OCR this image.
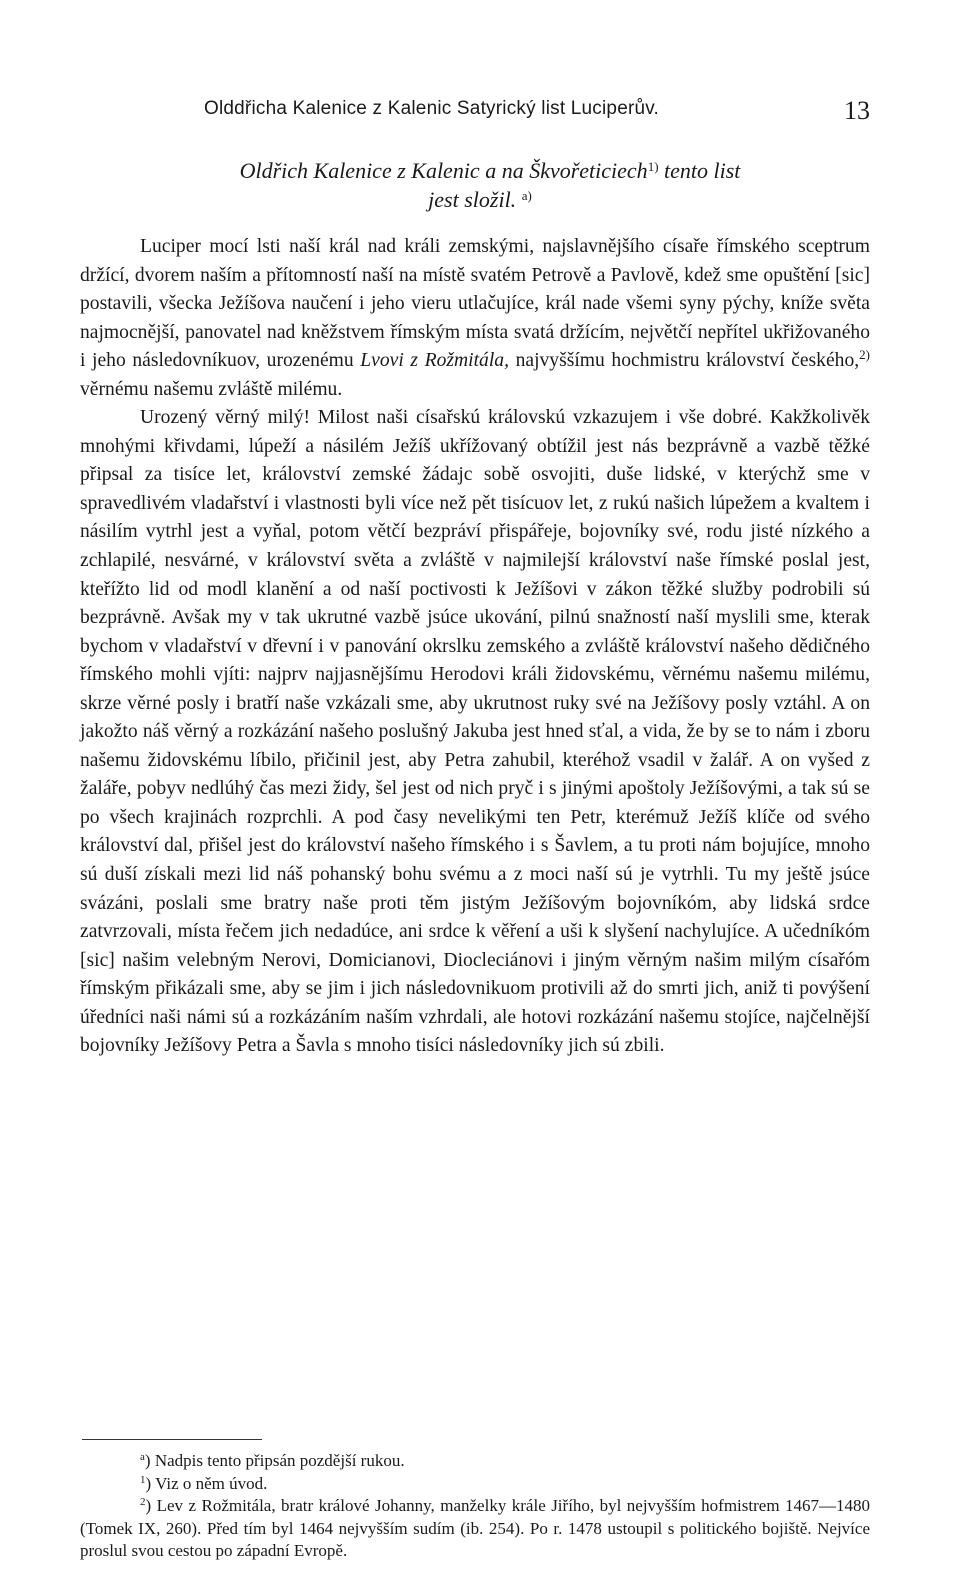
Olddřicha Kalenice z Kalenic Satyrický list Luciperův.	13
Oldřich Kalenice z Kalenic a na Škvořeticiech$^{1)}$ tento list
jest složil. $^{a)}$

Luciper mocí lsti naší král nad králi zemskými, najslavnějšího císaře římského sceptrum držící, dvorem naším a přítomností naší na místě svatém Petrově a Pavlově, kdež sme opuštění [sic] postavili, všecka Ježíšova naučení i jeho vieru utlačujíce, král nade všemi syny pýchy, kníže světa najmocnější, panovatel nad kněžstvem římským místa svatá držícím, největčí nepřítel ukřižovaného i jeho následovníkuov, urozenému Lvovi z Rožmitála, najvyššímu hochmistru království českého,$^{2)}$ věrnému našemu zvláště milému.

Urozený věrný milý! Milost naši císařskú královskú vzkazujem i vše dobré. Kakžkolivěk mnohými křivdami, lúpeží a násilém Ježíš ukřížovaný obtížil jest nás bezprávně a vazbě těžké připsal za tisíce let, království zemské žádajc sobě osvojiti, duše lidské, v kterýchž sme v spravedlivém vladařství i vlastnosti byli více než pět tisícuov let, z rukú našich lúpežem a kvaltem i násilím vytrhl jest a vyňal, potom větčí bezpráví přispářeje, bojovníky své, rodu jisté nízkého a zchlapilé, nesvárné, v království světa a zvláště v najmilejší království naše římské poslal jest, kteřížto lid od modl klanění a od naší poctivosti k Ježíšovi v zákon těžké služby podrobili sú bezprávně. Avšak my v tak ukrutné vazbě jsúce ukování, pilnú snažností naší myslili sme, kterak bychom v vladařství v dřevní i v panování okrslku zemského a zvláště království našeho dědičného římského mohli vjíti: najprv najjasnějšímu Herodovi králi židovskému, věrnému našemu milému, skrze věrné posly i bratří naše vzkázali sme, aby ukrutnost ruky své na Ježíšovy posly vztáhl. A on jakožto náš věrný a rozkázání našeho poslušný Jakuba jest hned sťal, a vida, že by se to nám i zboru našemu židovskému líbilo, přičinil jest, aby Petra zahubil, kteréhož vsadil v žalář. A on vyšed z žaláře, pobyv nedlúhý čas mezi židy, šel jest od nich pryč i s jinými apoštoly Ježíšovými, a tak sú se po všech krajinách rozprchli. A pod časy nevelikými ten Petr, kterémuž Ježíš klíče od svého království dal, přišel jest do království našeho římského i s Šavlem, a tu proti nám bojujíce, mnoho sú duší získali mezi lid náš pohanský bohu svému a z moci naší sú je vytrhli. Tu my ještě jsúce svázáni, poslali sme bratry naše proti těm jistým Ježíšovým bojovníkóm, aby lidská srdce zatvrzovali, místa řečem jich nedadúce, ani srdce k věření a uši k slyšení nachylujíce. A učedníkóm [sic] našim velebným Nerovi, Domicianovi, Diocleciánovi i jiným věrným našim milým císařóm římským přikázali sme, aby se jim i jich následovnikuom protivili až do smrti jich, aniž ti povýšení úředníci naši námi sú a rozkázáním naším vzhrdali, ale hotovi rozkázání našemu stojíce, najčelnější bojovníky Ježíšovy Petra a Šavla s mnoho tisíci následovníky jich sú zbili.

$^a$) Nadpis tento připsán pozdější rukou.

$^1$) Viz o něm úvod.

$^2$) Lev z Rožmitála, bratr králové Johanny, manželky krále Jiřího, byl nejvyšším hofmistrem 1467—1480 (Tomek IX, 260). Před tím byl 1464 nejvyšším sudím (ib. 254). Po r. 1478 ustoupil s politického bojiště. Nejvíce proslul svou cestou po západní Evropě.
